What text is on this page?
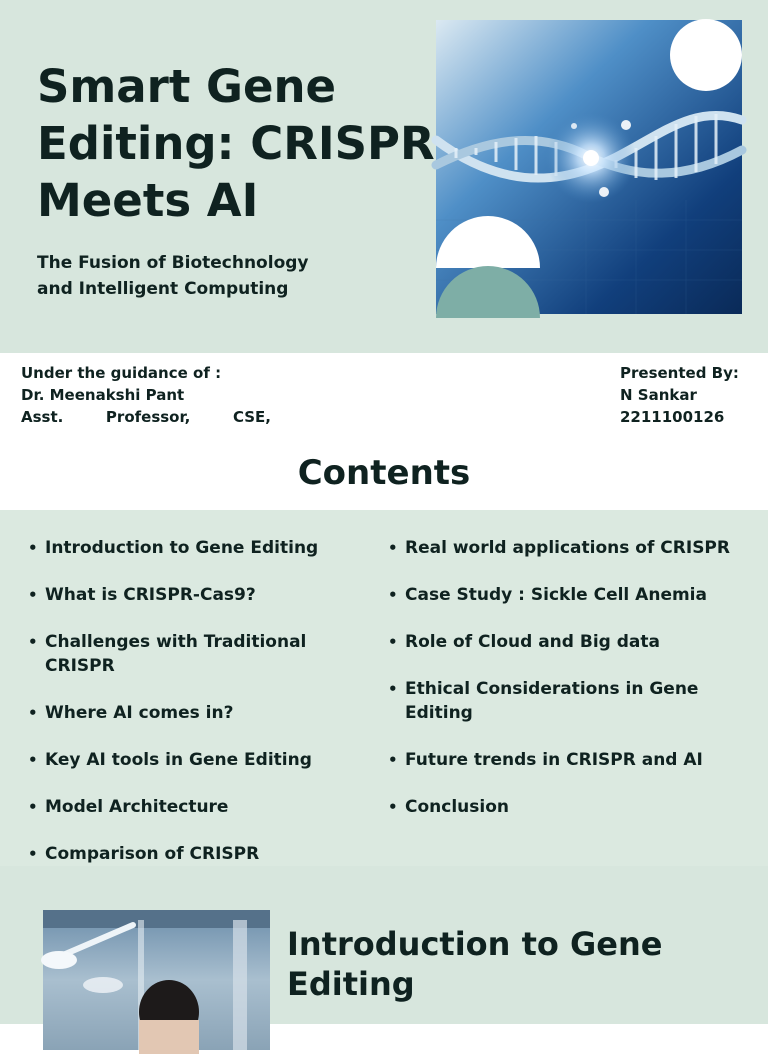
Smart Gene Editing: CRISPR Meets AI

The Fusion of Biotechnology and Intelligent Computing

Under the guidance of :
Dr. Meenakshi Pant
Asst.	Professor,	CSE,
Presented By:
N Sankar
2211100126
Contents
• Introduction to Gene Editing
• What is CRISPR-Cas9?
• Challenges with Traditional CRISPR
• Where AI comes in?
• Key AI tools in Gene Editing
• Model Architecture
• Comparison of CRISPR
• Real world applications of CRISPR
• Case Study : Sickle Cell Anemia
• Role of Cloud and Big data
• Ethical Considerations in Gene Editing
• Future trends in CRISPR and AI
• Conclusion
Introduction to Gene Editing
